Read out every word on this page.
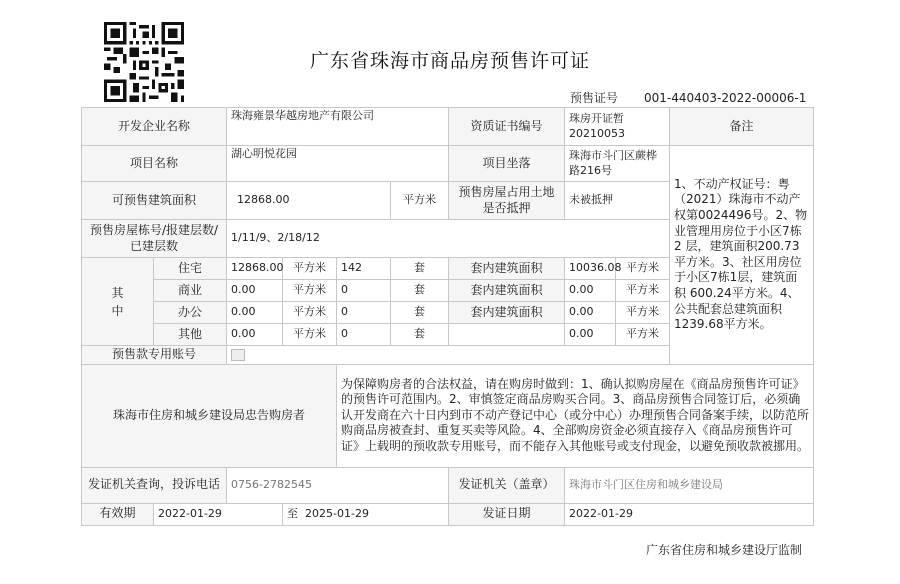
广东省珠海市商品房预售许可证
预售证号 001-440403-2022-00006-1
开发企业名称		珠海雍景华越房地产有限公司				资质证书编号	珠房开证暂20210053		备注
项目名称		湖心明悦花园				项目坐落	珠海市斗门区蕨桦路216号		1、不动产权证号：粤（2021）珠海市不动产权第0024496号。2、物业管理用房位于小区7栋 2 层，建筑面积200.73平方米。3、社区用房位于小区7栋1层，建筑面积 600.24平方米。4、公共配套总建筑面积1239.68平方米。
可预售建筑面积		12868.00			平方米	预售房屋占用土地是否抵押	未被抵押		
预售房屋栋号/报建层数/已建层数		1/11/9、2/18/12							
其中	住宅	12868.00	平方米	142	套	套内建筑面积	10036.08	平方米	
	商业	0.00	平方米	0	套	套内建筑面积	0.00	平方米	
	办公	0.00	平方米	0	套	套内建筑面积	0.00	平方米	
	其他	0.00	平方米	0	套		0.00	平方米	
预售款专用账号									
珠海市住房和城乡建设局忠告购房者				为保障购房者的合法权益，请在购房时做到：1、确认拟购房屋在《商品房预售许可证》的预售许可范围内。2、审慎签定商品房购买合同。3、商品房预售合同签订后，必须确认开发商在六十日内到市不动产登记中心（或分中心）办理预售合同备案手续，以防范所购商品房被查封、重复买卖等风险。4、全部购房资金必须直接存入《商品房预售许可证》上载明的预收款专用账号，而不能存入其他账号或支付现金，以避免预收款被挪用。					
发证机关查询，投诉电话		0756-2782545				发证机关（盖章）	珠海市斗门区住房和城乡建设局		
有效期	2022-01-29		至 2025-01-29			发证日期	2022-01-29		
广东省住房和城乡建设厅监制
